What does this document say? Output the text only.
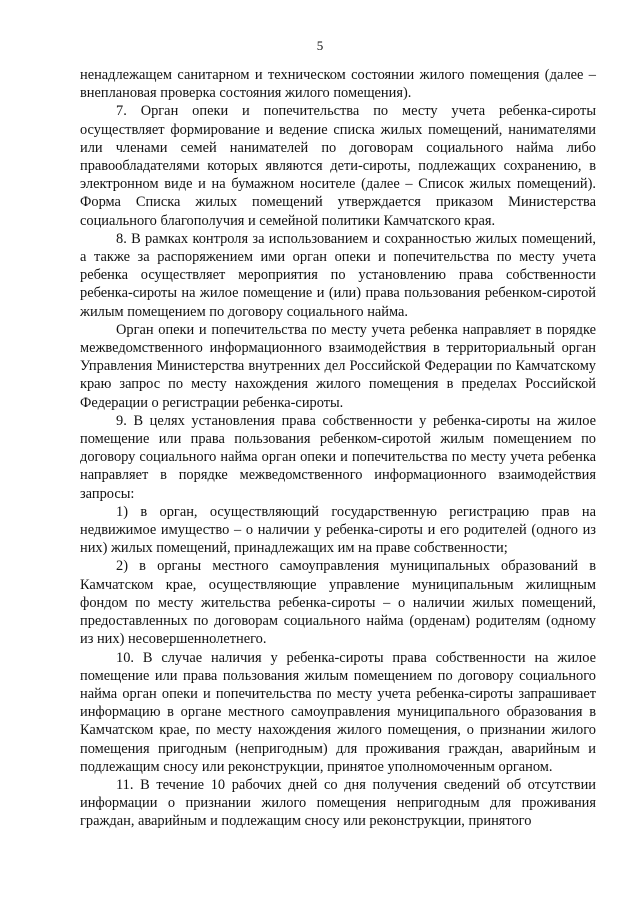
5

ненадлежащем санитарном и техническом состоянии жилого помещения (далее – внеплановая проверка состояния жилого помещения).

7. Орган опеки и попечительства по месту учета ребенка-сироты осуществляет формирование и ведение списка жилых помещений, нанимателями или членами семей нанимателей по договорам социального найма либо правообладателями которых являются дети-сироты, подлежащих сохранению, в электронном виде и на бумажном носителе (далее – Список жилых помещений). Форма Списка жилых помещений утверждается приказом Министерства социального благополучия и семейной политики Камчатского края.

8. В рамках контроля за использованием и сохранностью жилых помещений, а также за распоряжением ими орган опеки и попечительства по месту учета ребенка осуществляет мероприятия по установлению права собственности ребенка-сироты на жилое помещение и (или) права пользования ребенком-сиротой жилым помещением по договору социального найма.

Орган опеки и попечительства по месту учета ребенка направляет в порядке межведомственного информационного взаимодействия в территориальный орган Управления Министерства внутренних дел Российской Федерации по Камчатскому краю запрос по месту нахождения жилого помещения в пределах Российской Федерации о регистрации ребенка-сироты.

9. В целях установления права собственности у ребенка-сироты на жилое помещение или права пользования ребенком-сиротой жилым помещением по договору социального найма орган опеки и попечительства по месту учета ребенка направляет в порядке межведомственного информационного взаимодействия запросы:

1) в орган, осуществляющий государственную регистрацию прав на недвижимое имущество – о наличии у ребенка-сироты и его родителей (одного из них) жилых помещений, принадлежащих им на праве собственности;

2) в органы местного самоуправления муниципальных образований в Камчатском крае, осуществляющие управление муниципальным жилищным фондом по месту жительства ребенка-сироты – о наличии жилых помещений, предоставленных по договорам социального найма (орденам) родителям (одному из них) несовершеннолетнего.

10. В случае наличия у ребенка-сироты права собственности на жилое помещение или права пользования жилым помещением по договору социального найма орган опеки и попечительства по месту учета ребенка-сироты запрашивает информацию в органе местного самоуправления муниципального образования в Камчатском крае, по месту нахождения жилого помещения, о признании жилого помещения пригодным (непригодным) для проживания граждан, аварийным и подлежащим сносу или реконструкции, принятое уполномоченным органом.

11. В течение 10 рабочих дней со дня получения сведений об отсутствии информации о признании жилого помещения непригодным для проживания граждан, аварийным и подлежащим сносу или реконструкции, принятого
